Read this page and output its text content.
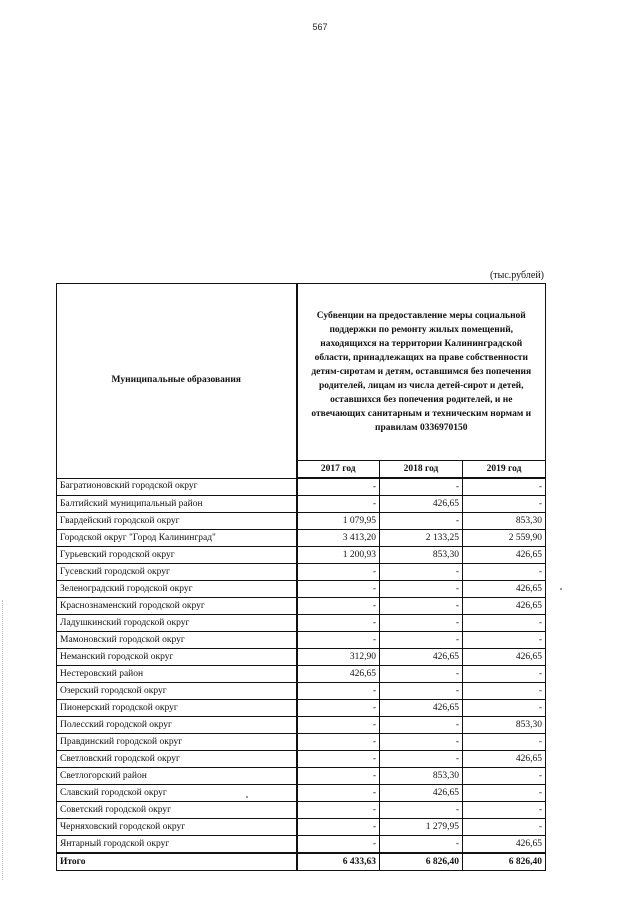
567
(тыс.рублей)
Муниципальные образования	Субвенции на предоставление меры социальной поддержки по ремонту жилых помещений, находящихся на территории Калининградской области, принадлежащих на праве собственности детям-сиротам и детям, оставшимся без попечения родителей, лицам из числа детей-сирот и детей, оставшихся без попечения родителей, и не отвечающих санитарным и техническим нормам и правилам 0336970150		
	2017 год	2018 год	2019 год
Багратионовский городской округ	-	-	-
Балтийский муниципальный район	-	426,65	-
Гвардейский городской округ	1 079,95	-	853,30
Городской округ "Город Калининград"	3 413,20	2 133,25	2 559,90
Гурьевский городской округ	1 200,93	853,30	426,65
Гусевский городской округ	-	-	-
Зеленоградский городской округ	-	-	426,65
Краснознаменский городской округ	-	-	426,65
Ладушкинский городской округ	-	-	-
Мамоновский городской округ	-	-	-
Неманский городской округ	312,90	426,65	426,65
Нестеровский район	426,65	-	-
Озерский городской округ	-	-	-
Пионерский городской округ	-	426,65	-
Полесский городской округ	-	-	853,30
Правдинский городской округ	-	-	-
Светловский городской округ	-	-	426,65
Светлогорский район	-	853,30	-
Славский городской округ	-	426,65	-
Советский городской округ	-	-	-
Черняховский городской округ	-	1 279,95	-
Янтарный городской округ	-	-	426,65
Итого	6 433,63	6 826,40	6 826,40
